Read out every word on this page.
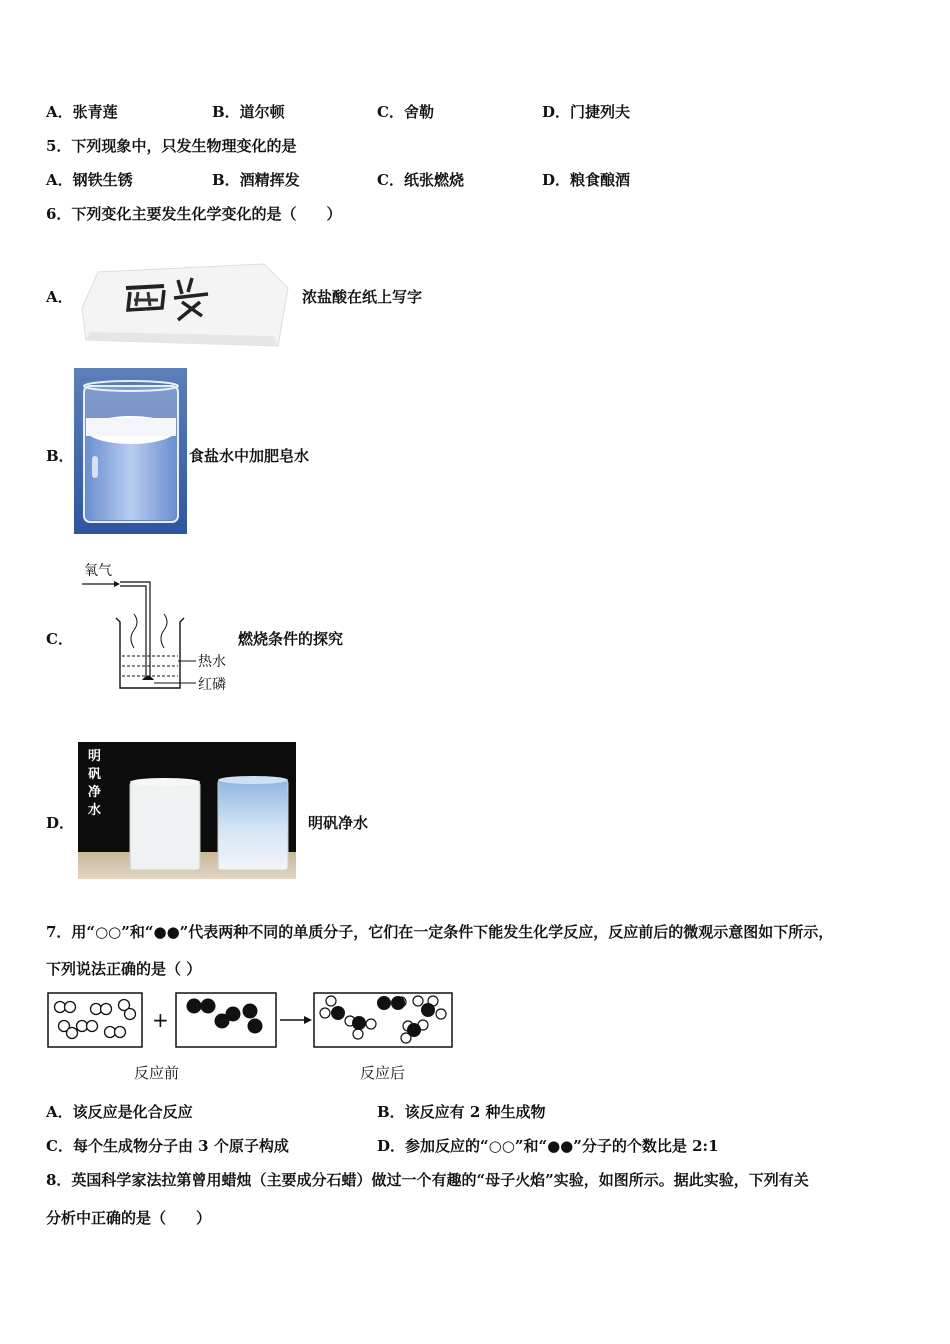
A．张青莲	B．道尔顿	C．舍勒	D．门捷列夫
5．下列现象中，只发生物理变化的是
A．钢铁生锈	B．酒精挥发	C．纸张燃烧	D．粮食酿酒
6．下列变化主要发生化学变化的是（　　）
A．	酸	浓盐酸在纸上写字
B．	食盐水中加肥皂水
C．
氧气
热水
红磷
燃烧条件的探究
D．
明
矾
净
水
明矾净水
7．用“○○”和“●●”代表两种不同的单质分子，它们在一定条件下能发生化学反应，反应前后的微观示意图如下所示，
下列说法正确的是（ ）
+
反应前	反应后
A．该反应是化合反应	B．该反应有 2 种生成物
C．每个生成物分子由 3 个原子构成	D．参加反应的“○○”和“●●”分子的个数比是 2:1
8．英国科学家法拉第曾用蜡烛（主要成分石蜡）做过一个有趣的“母子火焰”实验，如图所示。据此实验，下列有关
分析中正确的是（　　）
